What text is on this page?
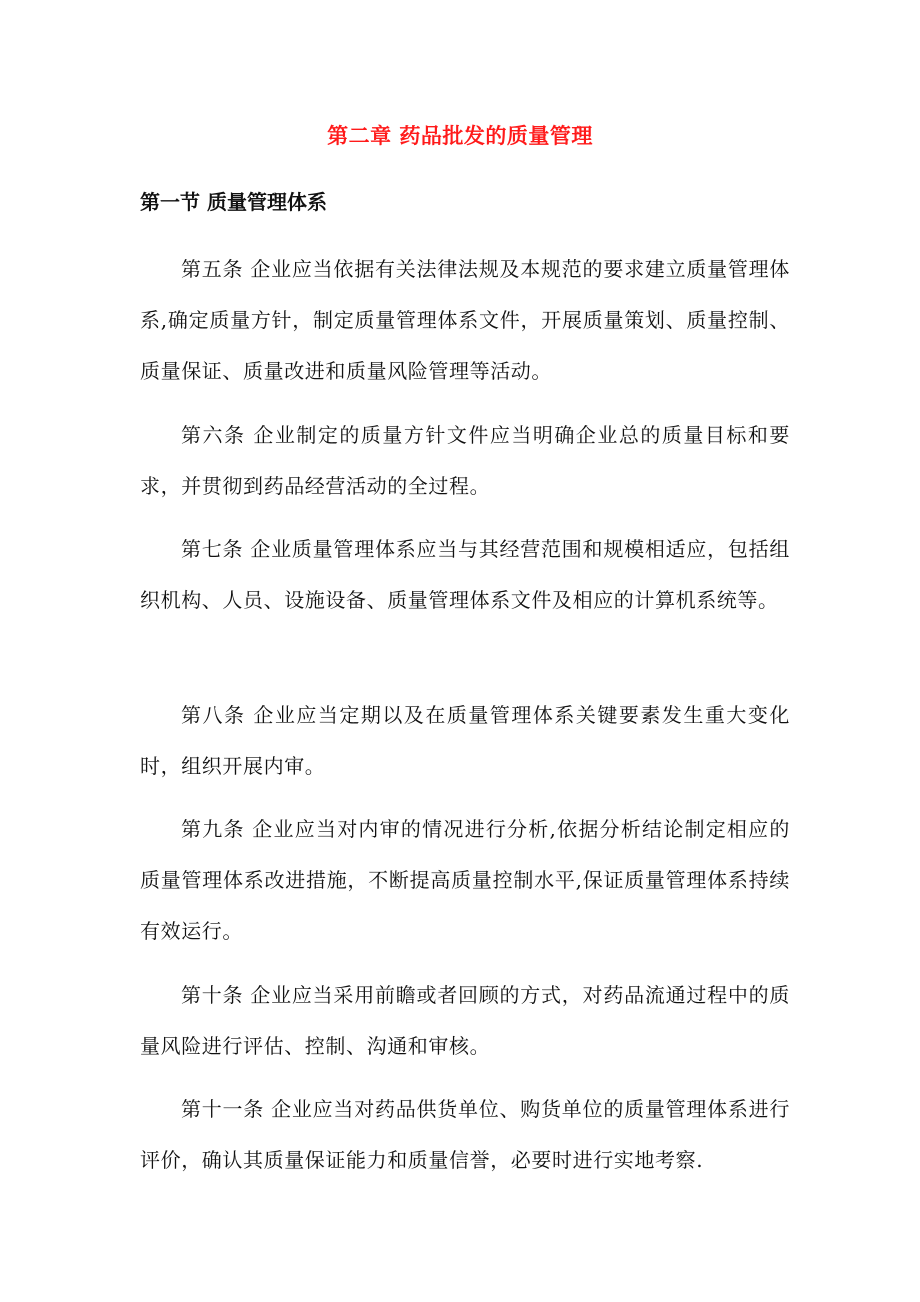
第二章 药品批发的质量管理
第一节 质量管理体系

第五条 企业应当依据有关法律法规及本规范的要求建立质量管理体系,确定质量方针，制定质量管理体系文件，开展质量策划、质量控制、质量保证、质量改进和质量风险管理等活动。

第六条 企业制定的质量方针文件应当明确企业总的质量目标和要求，并贯彻到药品经营活动的全过程。

第七条 企业质量管理体系应当与其经营范围和规模相适应，包括组织机构、人员、设施设备、质量管理体系文件及相应的计算机系统等。

第八条 企业应当定期以及在质量管理体系关键要素发生重大变化时，组织开展内审。

第九条 企业应当对内审的情况进行分析,依据分析结论制定相应的质量管理体系改进措施，不断提高质量控制水平,保证质量管理体系持续有效运行。

第十条 企业应当采用前瞻或者回顾的方式，对药品流通过程中的质量风险进行评估、控制、沟通和审核。

第十一条 企业应当对药品供货单位、购货单位的质量管理体系进行评价，确认其质量保证能力和质量信誉，必要时进行实地考察.
